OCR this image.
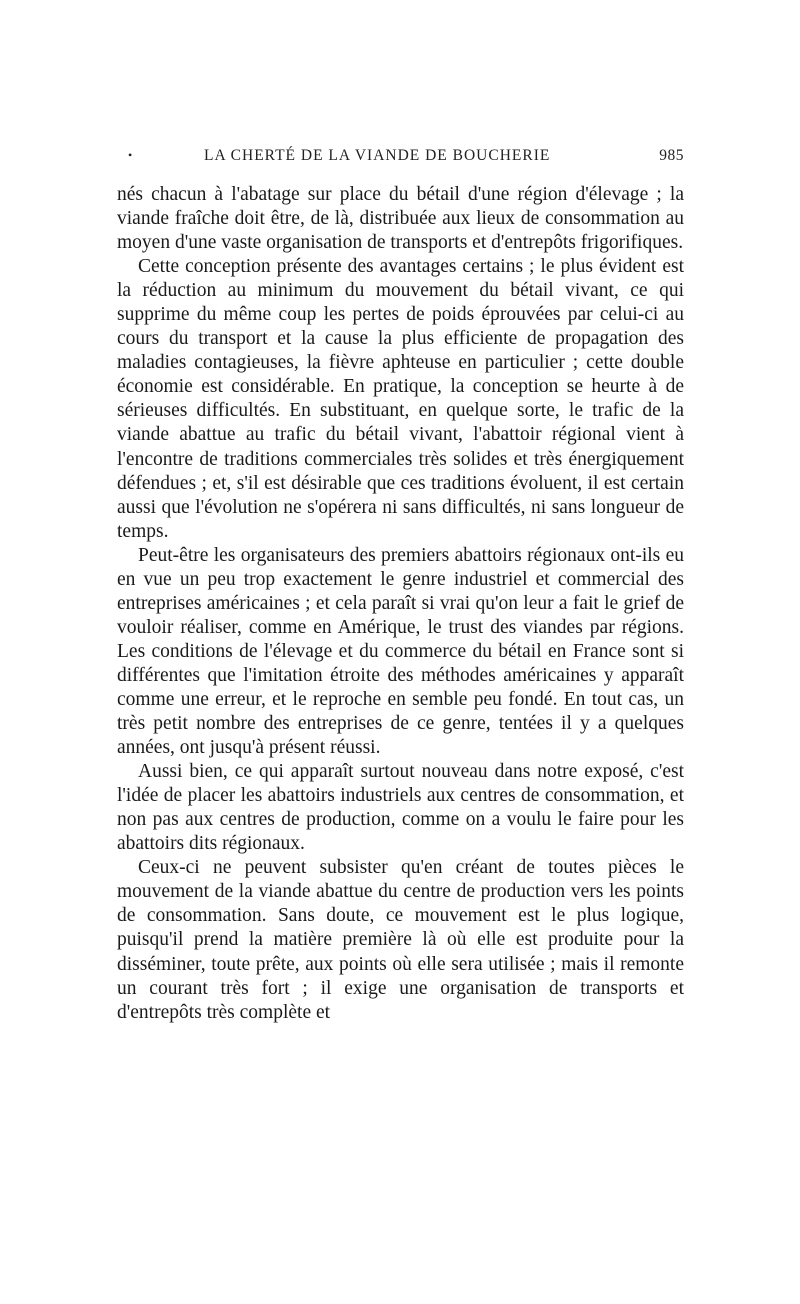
•	LA CHERTÉ DE LA VIANDE DE BOUCHERIE	985

nés chacun à l'abatage sur place du bétail d'une région d'élevage ; la viande fraîche doit être, de là, distribuée aux lieux de consommation au moyen d'une vaste organisation de transports et d'entrepôts frigorifiques.

Cette conception présente des avantages certains ; le plus évident est la réduction au minimum du mouvement du bétail vivant, ce qui supprime du même coup les pertes de poids éprouvées par celui-ci au cours du transport et la cause la plus efficiente de propagation des maladies contagieuses, la fièvre aphteuse en particulier ; cette double économie est considérable. En pratique, la conception se heurte à de sérieuses difficultés. En substituant, en quelque sorte, le trafic de la viande abattue au trafic du bétail vivant, l'abattoir régional vient à l'encontre de traditions commerciales très solides et très énergiquement défendues ; et, s'il est désirable que ces traditions évoluent, il est certain aussi que l'évolution ne s'opérera ni sans difficultés, ni sans longueur de temps.

Peut-être les organisateurs des premiers abattoirs régionaux ont-ils eu en vue un peu trop exactement le genre industriel et commercial des entreprises américaines ; et cela paraît si vrai qu'on leur a fait le grief de vouloir réaliser, comme en Amérique, le trust des viandes par régions. Les conditions de l'élevage et du commerce du bétail en France sont si différentes que l'imitation étroite des méthodes américaines y apparaît comme une erreur, et le reproche en semble peu fondé. En tout cas, un très petit nombre des entreprises de ce genre, tentées il y a quelques années, ont jusqu'à présent réussi.

Aussi bien, ce qui apparaît surtout nouveau dans notre exposé, c'est l'idée de placer les abattoirs industriels aux centres de consommation, et non pas aux centres de production, comme on a voulu le faire pour les abattoirs dits régionaux.

Ceux-ci ne peuvent subsister qu'en créant de toutes pièces le mouvement de la viande abattue du centre de production vers les points de consommation. Sans doute, ce mouvement est le plus logique, puisqu'il prend la matière première là où elle est produite pour la disséminer, toute prête, aux points où elle sera utilisée ; mais il remonte un courant très fort ; il exige une organisation de transports et d'entrepôts très complète et
